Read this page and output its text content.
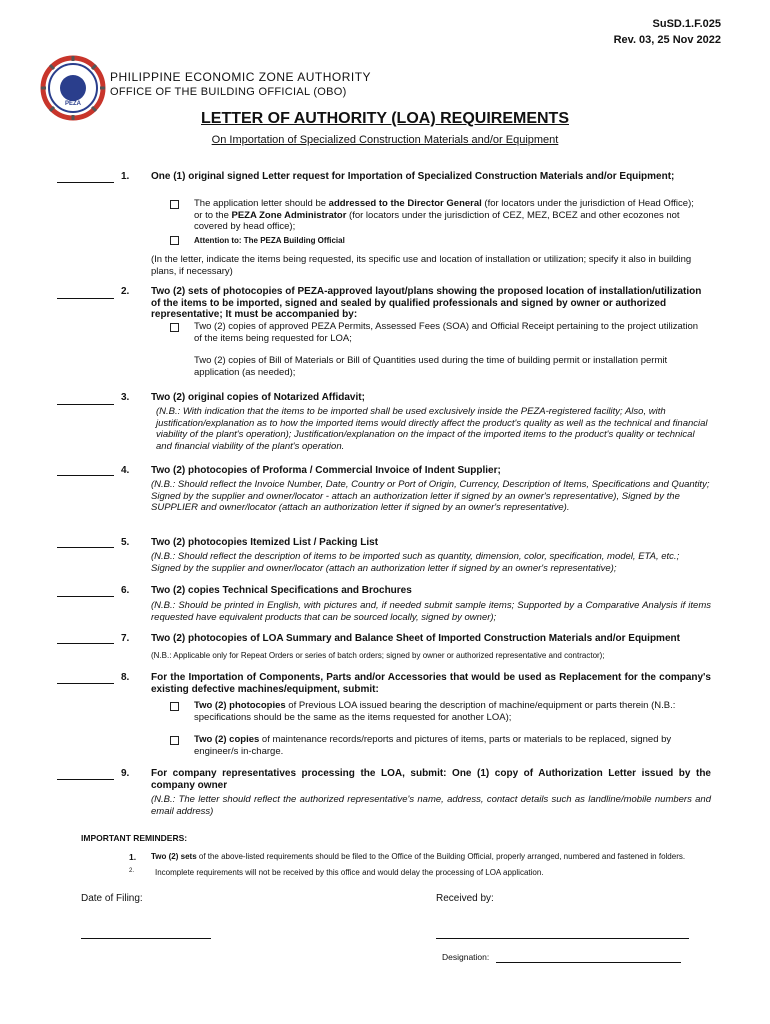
SuSD.1.F.025
Rev. 03, 25 Nov 2022
PEZA
PHILIPPINE ECONOMIC ZONE AUTHORITY
OFFICE OF THE BUILDING OFFICIAL (OBO)
LETTER OF AUTHORITY (LOA) REQUIREMENTS
On Importation of Specialized Construction Materials and/or Equipment
1. One (1) original signed Letter request for Importation of Specialized Construction Materials and/or Equipment;
The application letter should be addressed to the Director General (for locators under the jurisdiction of Head Office); or to the PEZA Zone Administrator (for locators under the jurisdiction of CEZ, MEZ, BCEZ and other ecozones not covered by head office);
Attention to: The PEZA Building Official
(In the letter, indicate the items being requested, its specific use and location of installation or utilization; specify it also in building plans, if necessary)
2. Two (2) sets of photocopies of PEZA-approved layout/plans showing the proposed location of installation/utilization of the items to be imported, signed and sealed by qualified professionals and signed by owner or authorized representative; It must be accompanied by:
Two (2) copies of approved PEZA Permits, Assessed Fees (SOA) and Official Receipt pertaining to the project utilization of the items being requested for LOA;
Two (2) copies of Bill of Materials or Bill of Quantities used during the time of building permit or installation permit application (as needed);
3. Two (2) original copies of Notarized Affidavit;
(N.B.: With indication that the items to be imported shall be used exclusively inside the PEZA-registered facility; Also, with justification/explanation as to how the imported items would directly affect the product's quality as well as the technical and financial viability of the plant's operation); Justification/explanation on the impact of the imported items to the product's quality or technical and financial viability of the plant's operation.
4. Two (2) photocopies of Proforma / Commercial Invoice of Indent Supplier;
(N.B.: Should reflect the Invoice Number, Date, Country or Port of Origin, Currency, Description of Items, Specifications and Quantity; Signed by the supplier and owner/locator - attach an authorization letter if signed by an owner's representative), Signed by the SUPPLIER and owner/locator (attach an authorization letter if signed by an owner's representative).
5. Two (2) photocopies Itemized List / Packing List
(N.B.: Should reflect the description of items to be imported such as quantity, dimension, color, specification, model, ETA, etc.; Signed by the supplier and owner/locator (attach an authorization letter if signed by an owner's representative);
6. Two (2) copies Technical Specifications and Brochures
(N.B.: Should be printed in English, with pictures and, if needed submit sample items; Supported by a Comparative Analysis if items requested have equivalent products that can be sourced locally, signed by owner);
7. Two (2) photocopies of LOA Summary and Balance Sheet of Imported Construction Materials and/or Equipment
(N.B.: Applicable only for Repeat Orders or series of batch orders; signed by owner or authorized representative and contractor);
8. For the Importation of Components, Parts and/or Accessories that would be used as Replacement for the company's existing defective machines/equipment, submit:
Two (2) photocopies of Previous LOA issued bearing the description of machine/equipment or parts therein (N.B.: specifications should be the same as the items requested for another LOA);
Two (2) copies of maintenance records/reports and pictures of items, parts or materials to be replaced, signed by engineer/s in-charge.
9. For company representatives processing the LOA, submit: One (1) copy of Authorization Letter issued by the company owner
(N.B.: The letter should reflect the authorized representative's name, address, contact details such as landline/mobile numbers and email address)
IMPORTANT REMINDERS:
1. Two (2) sets of the above-listed requirements should be filed to the Office of the Building Official, properly arranged, numbered and fastened in folders.
2.	Incomplete requirements will not be received by this office and would delay the processing of LOA application.
Date of Filing:	Received by:
Designation:
